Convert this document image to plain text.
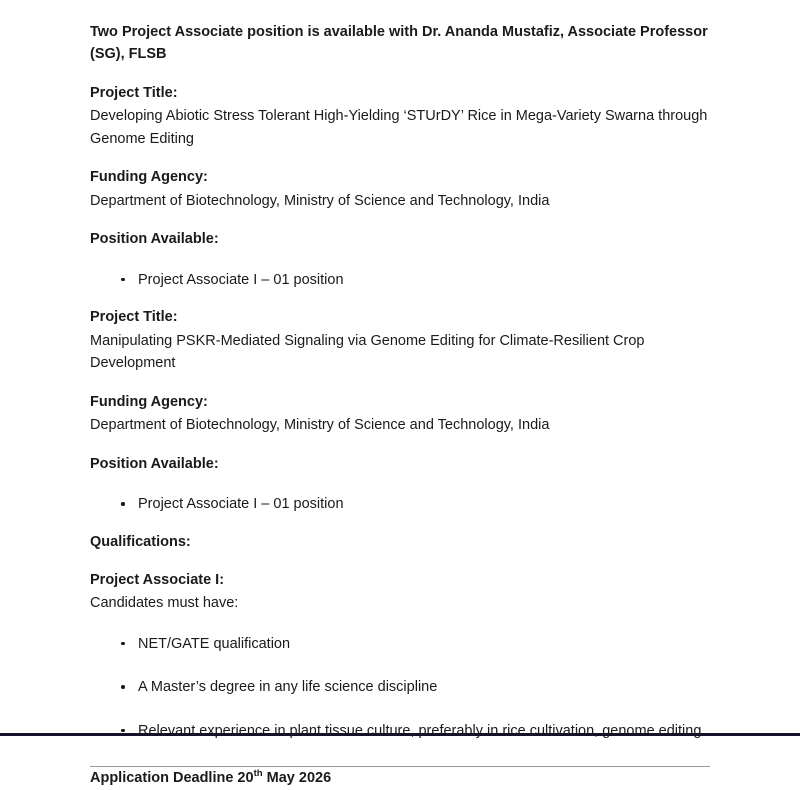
Two Project Associate position is available with Dr. Ananda Mustafiz, Associate Professor (SG), FLSB

Project Title:

Developing Abiotic Stress Tolerant High-Yielding ‘STUrDY’ Rice in Mega-Variety Swarna through Genome Editing

Funding Agency:

Department of Biotechnology, Ministry of Science and Technology, India

Position Available:

Project Associate I – 01 position

Project Title:

Manipulating PSKR-Mediated Signaling via Genome Editing for Climate-Resilient Crop Development

Funding Agency:

Department of Biotechnology, Ministry of Science and Technology, India

Position Available:

Project Associate I – 01 position

Qualifications:

Project Associate I:

Candidates must have:

NET/GATE qualification
A Master’s degree in any life science discipline
Relevant experience in plant tissue culture, preferably in rice cultivation, genome editing

Application Deadline 20th May 2026
